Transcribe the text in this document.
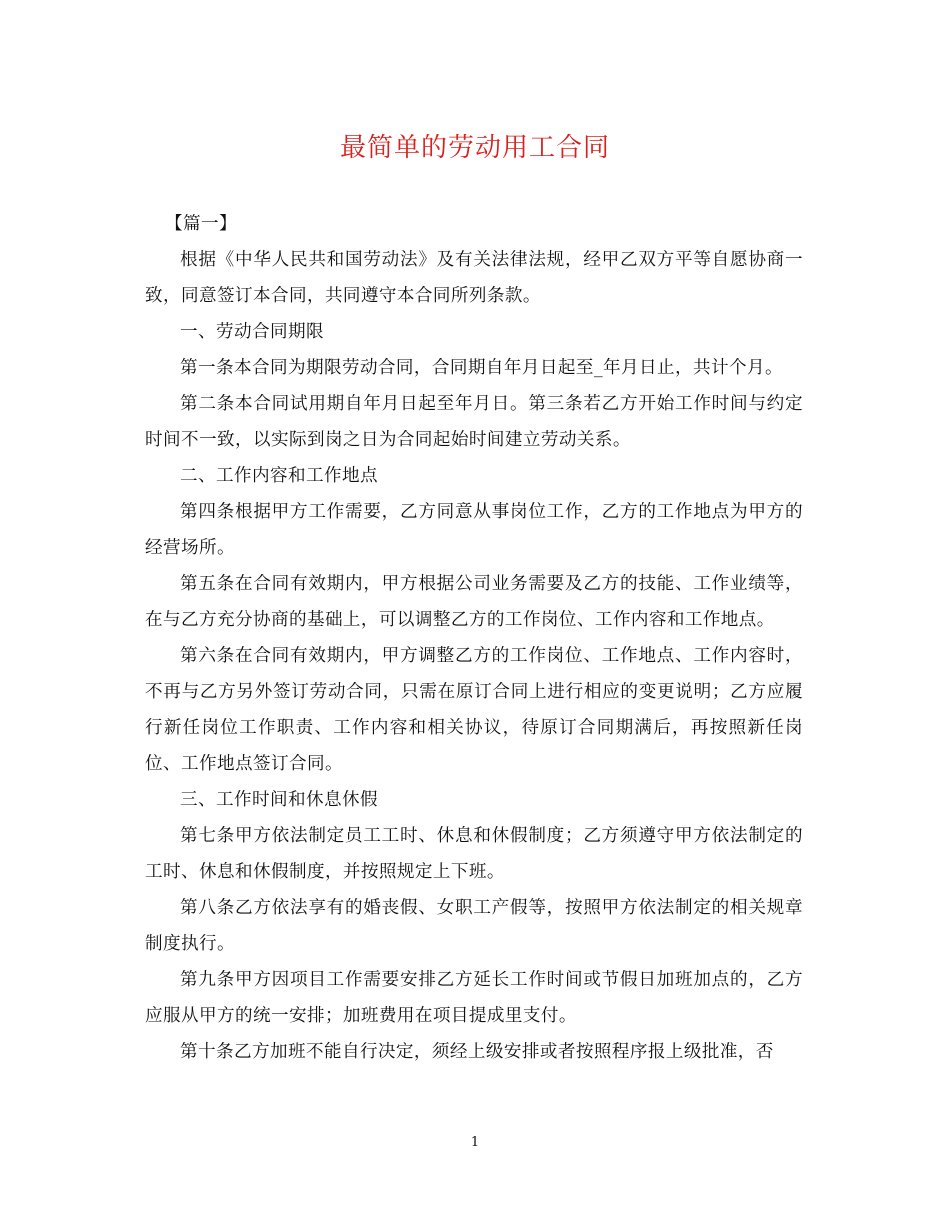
最简单的劳动用工合同

【篇一】

根据《中华人民共和国劳动法》及有关法律法规，经甲乙双方平等自愿协商一致，同意签订本合同，共同遵守本合同所列条款。

一、劳动合同期限

第一条本合同为期限劳动合同，合同期自年月日起至_年月日止，共计个月。

第二条本合同试用期自年月日起至年月日。第三条若乙方开始工作时间与约定时间不一致，以实际到岗之日为合同起始时间建立劳动关系。

二、工作内容和工作地点

第四条根据甲方工作需要，乙方同意从事岗位工作，乙方的工作地点为甲方的经营场所。

第五条在合同有效期内，甲方根据公司业务需要及乙方的技能、工作业绩等，在与乙方充分协商的基础上，可以调整乙方的工作岗位、工作内容和工作地点。

第六条在合同有效期内，甲方调整乙方的工作岗位、工作地点、工作内容时，不再与乙方另外签订劳动合同，只需在原订合同上进行相应的变更说明；乙方应履行新任岗位工作职责、工作内容和相关协议，待原订合同期满后，再按照新任岗位、工作地点签订合同。

三、工作时间和休息休假

第七条甲方依法制定员工工时、休息和休假制度；乙方须遵守甲方依法制定的工时、休息和休假制度，并按照规定上下班。

第八条乙方依法享有的婚丧假、女职工产假等，按照甲方依法制定的相关规章制度执行。

第九条甲方因项目工作需要安排乙方延长工作时间或节假日加班加点的，乙方应服从甲方的统一安排；加班费用在项目提成里支付。

第十条乙方加班不能自行决定，须经上级安排或者按照程序报上级批准，否

1
